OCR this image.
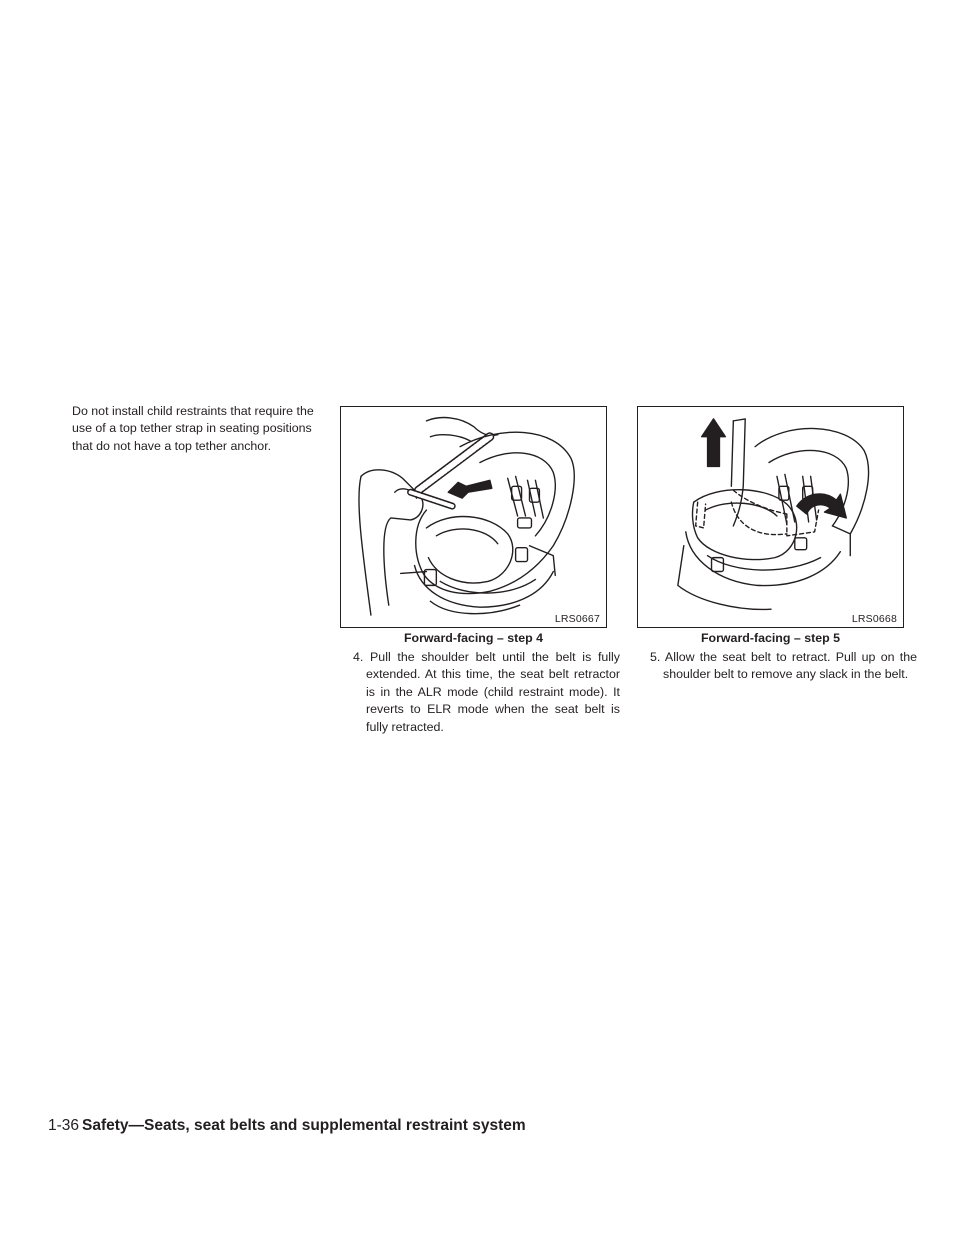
Do not install child restraints that require the use of a top tether strap in seating positions that do not have a top tether anchor.

LRS0667	LRS0668
Forward-facing – step 4	Forward-facing – step 5

4. Pull the shoulder belt until the belt is fully extended. At this time, the seat belt retractor is in the ALR mode (child restraint mode). It reverts to ELR mode when the seat belt is fully retracted.

5. Allow the seat belt to retract. Pull up on the shoulder belt to remove any slack in the belt.

1-36 Safety—Seats, seat belts and supplemental restraint system
